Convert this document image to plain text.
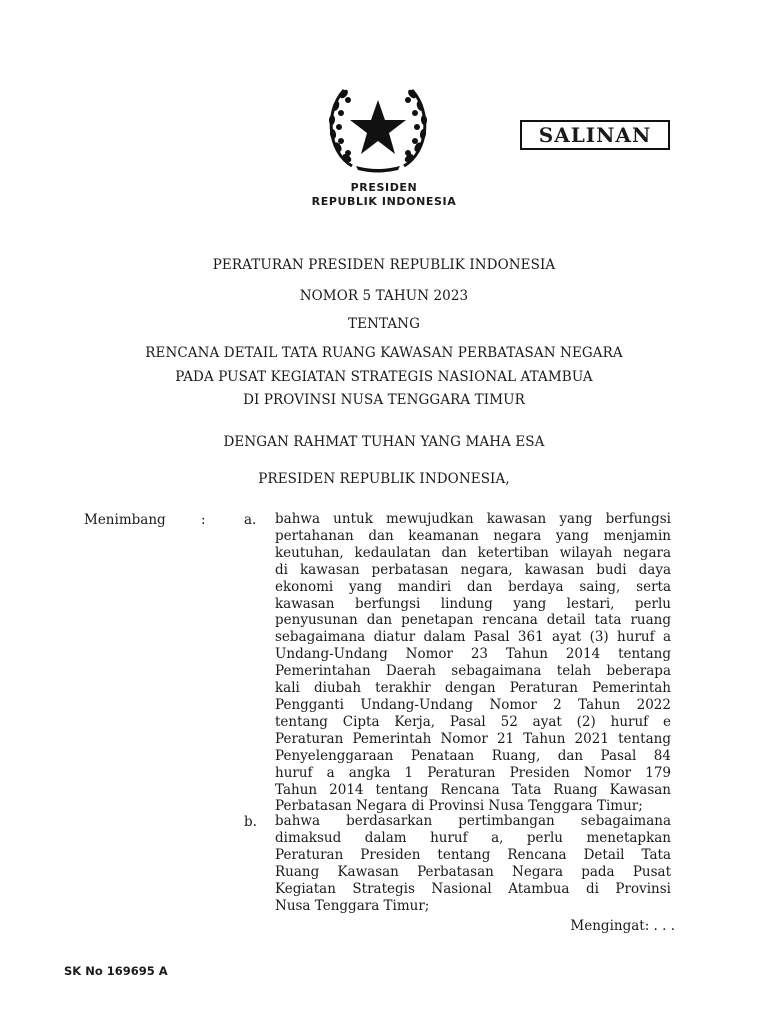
SALINAN
PRESIDEN
REPUBLIK INDONESIA
PERATURAN PRESIDEN REPUBLIK INDONESIA
NOMOR 5 TAHUN 2023
TENTANG
RENCANA DETAIL TATA RUANG KAWASAN PERBATASAN NEGARA
PADA PUSAT KEGIATAN STRATEGIS NASIONAL ATAMBUA
DI PROVINSI NUSA TENGGARA TIMUR
DENGAN RAHMAT TUHAN YANG MAHA ESA
PRESIDEN REPUBLIK INDONESIA,
Menimbang	:	a. bahwa untuk mewujudkan kawasan yang berfungsi
pertahanan dan keamanan negara yang menjamin
keutuhan, kedaulatan dan ketertiban wilayah negara
di kawasan perbatasan negara, kawasan budi daya
ekonomi yang mandiri dan berdaya saing, serta
kawasan berfungsi lindung yang lestari, perlu
penyusunan dan penetapan rencana detail tata ruang
sebagaimana diatur dalam Pasal 361 ayat (3) huruf a
Undang-Undang Nomor 23 Tahun 2014 tentang
Pemerintahan Daerah sebagaimana telah beberapa
kali diubah terakhir dengan Peraturan Pemerintah
Pengganti Undang-Undang Nomor 2 Tahun 2022
tentang Cipta Kerja, Pasal 52 ayat (2) huruf e
Peraturan Pemerintah Nomor 21 Tahun 2021 tentang
Penyelenggaraan Penataan Ruang, dan Pasal 84
huruf a angka 1 Peraturan Presiden Nomor 179
Tahun 2014 tentang Rencana Tata Ruang Kawasan
Perbatasan Negara di Provinsi Nusa Tenggara Timur;
b. bahwa berdasarkan pertimbangan sebagaimana
dimaksud dalam huruf a, perlu menetapkan
Peraturan Presiden tentang Rencana Detail Tata
Ruang Kawasan Perbatasan Negara pada Pusat
Kegiatan Strategis Nasional Atambua di Provinsi
Nusa Tenggara Timur;
Mengingat: . . .
SK No 169695 A
